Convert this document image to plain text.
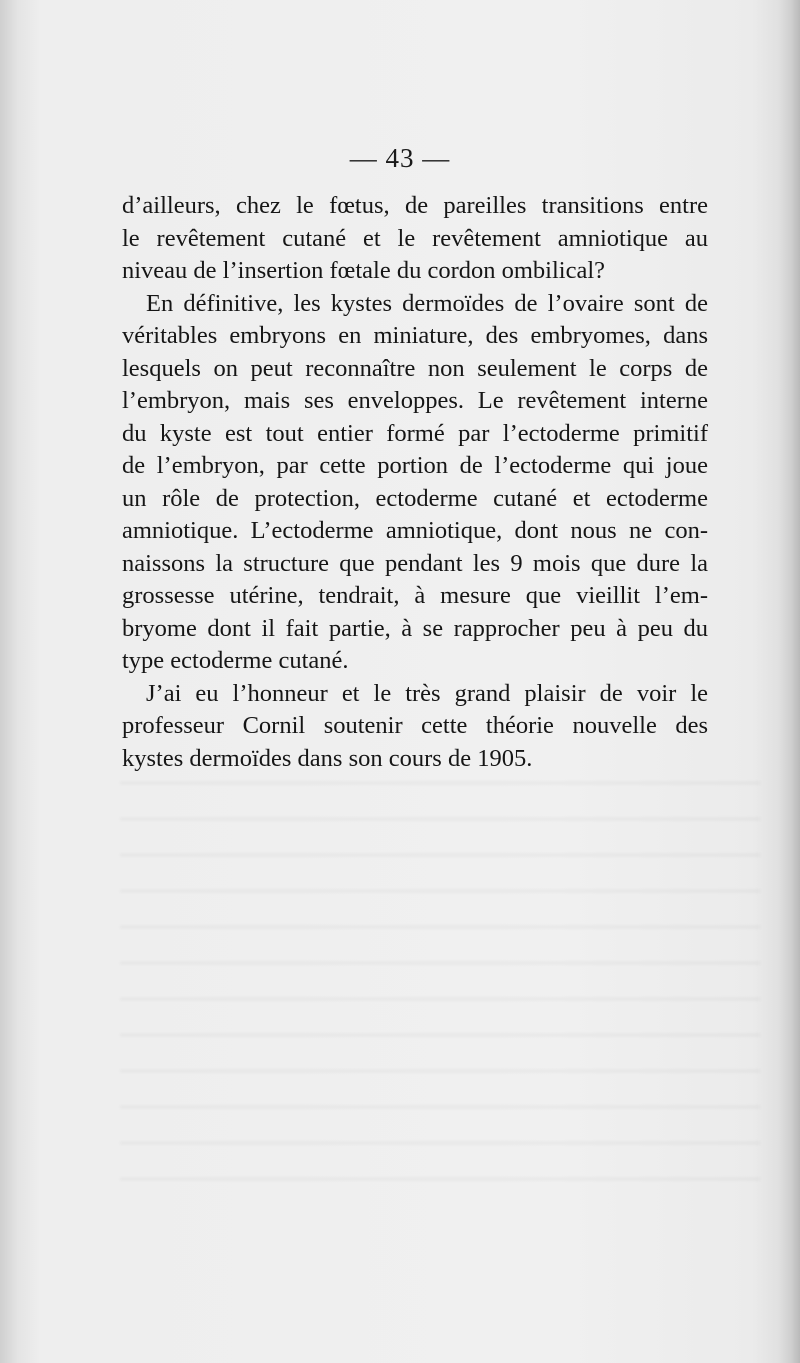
— 43 —
d’ailleurs, chez le fœtus, de pareilles transitions entre
le revêtement cutané et le revêtement amniotique au
niveau de l’insertion fœtale du cordon ombilical?
En définitive, les kystes dermoïdes de l’ovaire sont de
véritables embryons en miniature, des embryomes, dans
lesquels on peut reconnaître non seulement le corps de
l’embryon, mais ses enveloppes. Le revêtement interne
du kyste est tout entier formé par l’ectoderme primitif
de l’embryon, par cette portion de l’ectoderme qui joue
un rôle de protection, ectoderme cutané et ectoderme
amniotique. L’ectoderme amniotique, dont nous ne con-
naissons la structure que pendant les 9 mois que dure la
grossesse utérine, tendrait, à mesure que vieillit l’em-
bryome dont il fait partie, à se rapprocher peu à peu du
type ectoderme cutané.
J’ai eu l’honneur et le très grand plaisir de voir le
professeur Cornil soutenir cette théorie nouvelle des
kystes dermoïdes dans son cours de 1905.
